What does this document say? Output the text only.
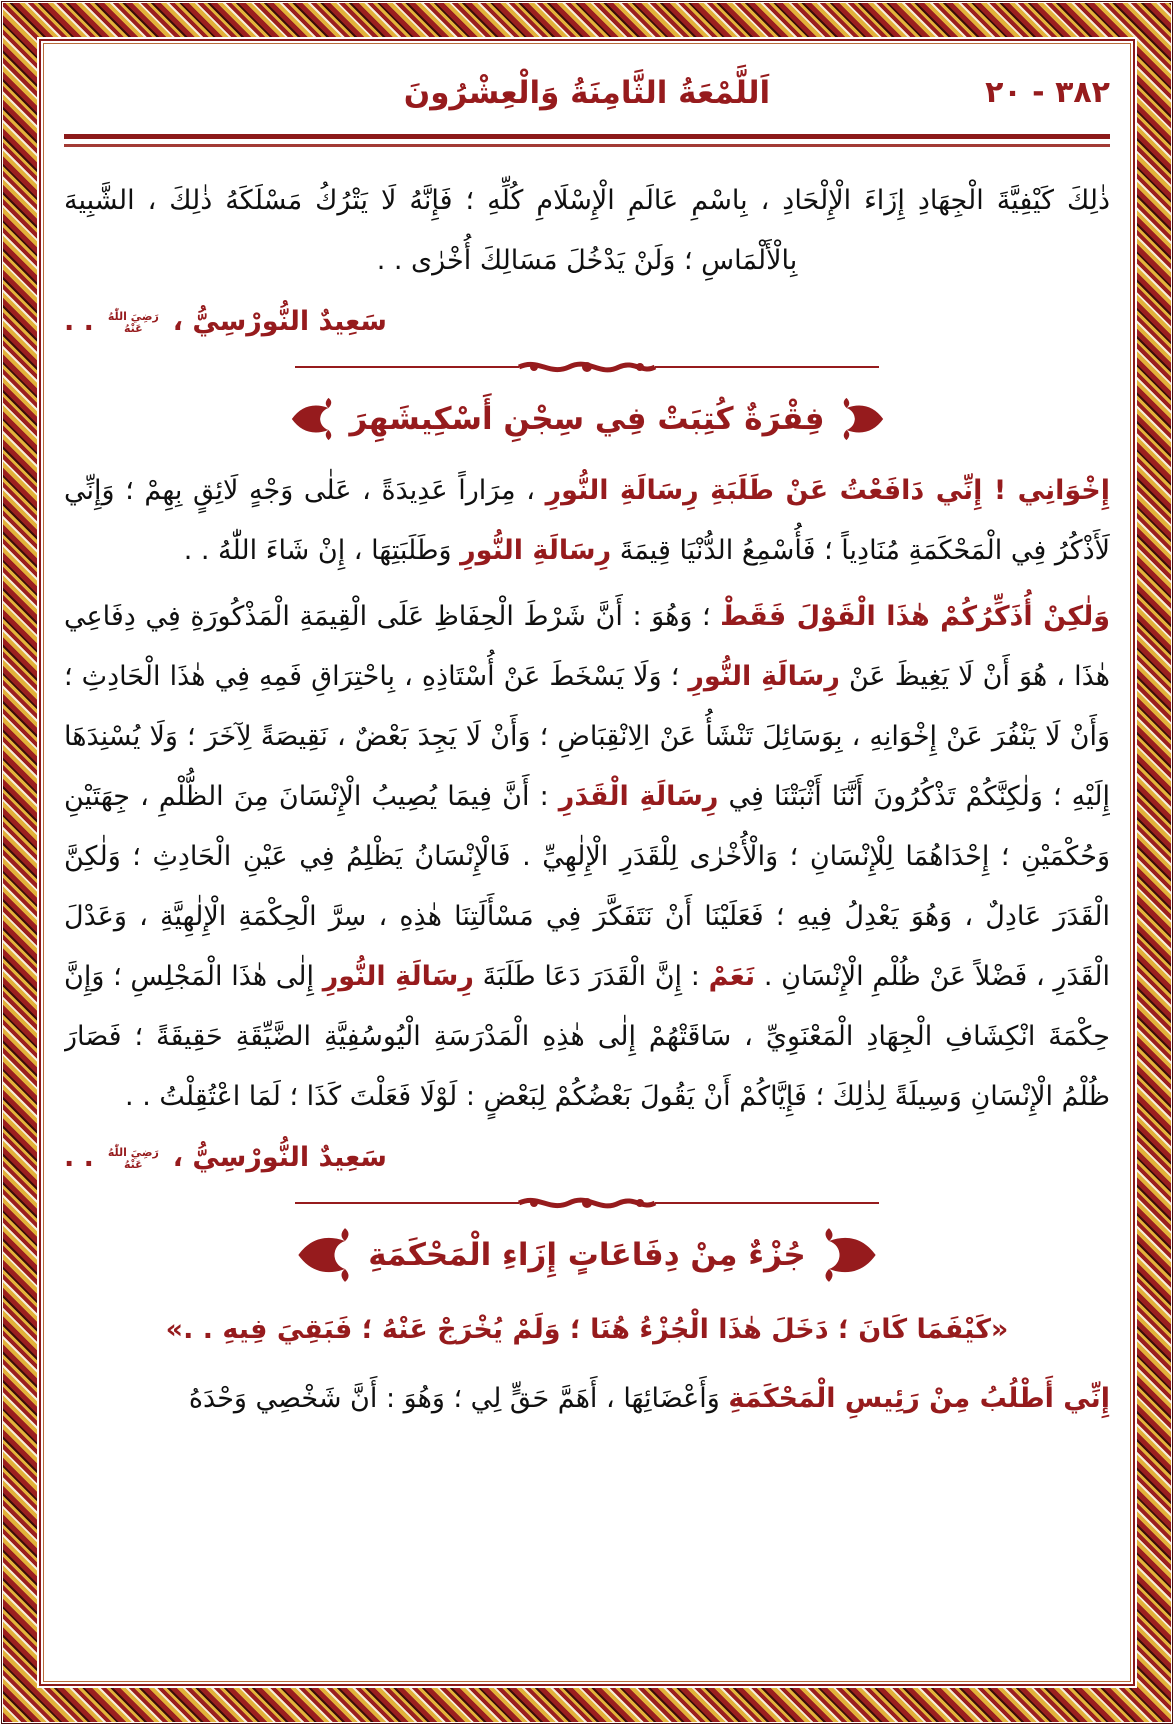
اَللَّمْعَةُ الثَّامِنَةُ وَالْعِشْرُونَ	٣٨٢ - ٢٠

ذٰلِكَ كَيْفِيَّةَ الْجِهَادِ إِزَاءَ الْإِلْحَادِ ، بِاسْمِ عَالَمِ الْإِسْلَامِ كُلِّهِ ؛ فَإِنَّهُ لَا يَتْرُكُ مَسْلَكَهُ ذٰلِكَ ، الشَّبِيهَ بِالْأَلْمَاسِ ؛ وَلَنْ يَدْخُلَ مَسَالِكَ أُخْرٰى . .

سَعِيدٌ النُّورْسِيُّ ، رَضِيَ اللّٰهُ عَنْهُ . .
فِقْرَةٌ كُتِبَتْ فِي سِجْنِ أَسْكِيشَهِرَ

إِخْوَانِي ! إِنِّي دَافَعْتُ عَنْ طَلَبَةِ رِسَالَةِ النُّورِ ، مِرَاراً عَدِيدَةً ، عَلٰى وَجْهٍ لَائِقٍ بِهِمْ ؛ وَإِنِّي لَأَذْكُرُ فِي الْمَحْكَمَةِ مُنَادِياً ؛ فَأُسْمِعُ الدُّنْيَا قِيمَةَ رِسَالَةِ النُّورِ وَطَلَبَتِهَا ، إِنْ شَاءَ اللّٰهُ . .

وَلٰكِنْ أُذَكِّرُكُمْ هٰذَا الْقَوْلَ فَقَطْ ؛ وَهُوَ : أَنَّ شَرْطَ الْحِفَاظِ عَلَى الْقِيمَةِ الْمَذْكُورَةِ فِي دِفَاعِي هٰذَا ، هُوَ أَنْ لَا يَغِيظَ عَنْ رِسَالَةِ النُّورِ ؛ وَلَا يَسْخَطَ عَنْ أُسْتَاذِهِ ، بِاحْتِرَاقِ فَمِهِ فِي هٰذَا الْحَادِثِ ؛ وَأَنْ لَا يَنْفُرَ عَنْ إِخْوَانِهِ ، بِوَسَائِلَ تَنْشَأُ عَنْ الِانْقِبَاضِ ؛ وَأَنْ لَا يَجِدَ بَعْضٌ ، نَقِيصَةً لِآخَرَ ؛ وَلَا يُسْنِدَهَا إِلَيْهِ ؛ وَلٰكِنَّكُمْ تَذْكُرُونَ أَنَّنَا أَثْبَتْنَا فِي رِسَالَةِ الْقَدَرِ : أَنَّ فِيمَا يُصِيبُ الْإِنْسَانَ مِنَ الظُّلْمِ ، جِهَتَيْنِ وَحُكْمَيْنِ ؛ إِحْدَاهُمَا لِلْإِنْسَانِ ؛ وَالْأُخْرٰى لِلْقَدَرِ الْإِلٰهِيِّ . فَالْإِنْسَانُ يَظْلِمُ فِي عَيْنِ الْحَادِثِ ؛ وَلٰكِنَّ الْقَدَرَ عَادِلٌ ، وَهُوَ يَعْدِلُ فِيهِ ؛ فَعَلَيْنَا أَنْ نَتَفَكَّرَ فِي مَسْأَلَتِنَا هٰذِهِ ، سِرَّ الْحِكْمَةِ الْإِلٰهِيَّةِ ، وَعَدْلَ الْقَدَرِ ، فَضْلاً عَنْ ظُلْمِ الْإِنْسَانِ . نَعَمْ : إِنَّ الْقَدَرَ دَعَا طَلَبَةَ رِسَالَةِ النُّورِ إِلٰى هٰذَا الْمَجْلِسِ ؛ وَإِنَّ حِكْمَةَ انْكِشَافِ الْجِهَادِ الْمَعْنَوِيِّ ، سَاقَتْهُمْ إِلٰى هٰذِهِ الْمَدْرَسَةِ الْيُوسُفِيَّةِ الضَّيِّقَةِ حَقِيقَةً ؛ فَصَارَ ظُلْمُ الْإِنْسَانِ وَسِيلَةً لِذٰلِكَ ؛ فَإِيَّاكُمْ أَنْ يَقُولَ بَعْضُكُمْ لِبَعْضٍ : لَوْلَا فَعَلْتَ كَذَا ؛ لَمَا اعْتُقِلْتُ . .

سَعِيدٌ النُّورْسِيُّ ، رَضِيَ اللّٰهُ عَنْهُ . .
جُزْءٌ مِنْ دِفَاعَاتٍ إِزَاءِ الْمَحْكَمَةِ
«كَيْفَمَا كَانَ ؛ دَخَلَ هٰذَا الْجُزْءُ هُنَا ؛ وَلَمْ يُخْرَجْ عَنْهُ ؛ فَبَقِيَ فِيهِ . .»

إِنِّي أَطْلُبُ مِنْ رَئِيسِ الْمَحْكَمَةِ وَأَعْضَائِهَا ، أَهَمَّ حَقٍّ لِي ؛ وَهُوَ : أَنَّ شَخْصِي وَحْدَهُ
